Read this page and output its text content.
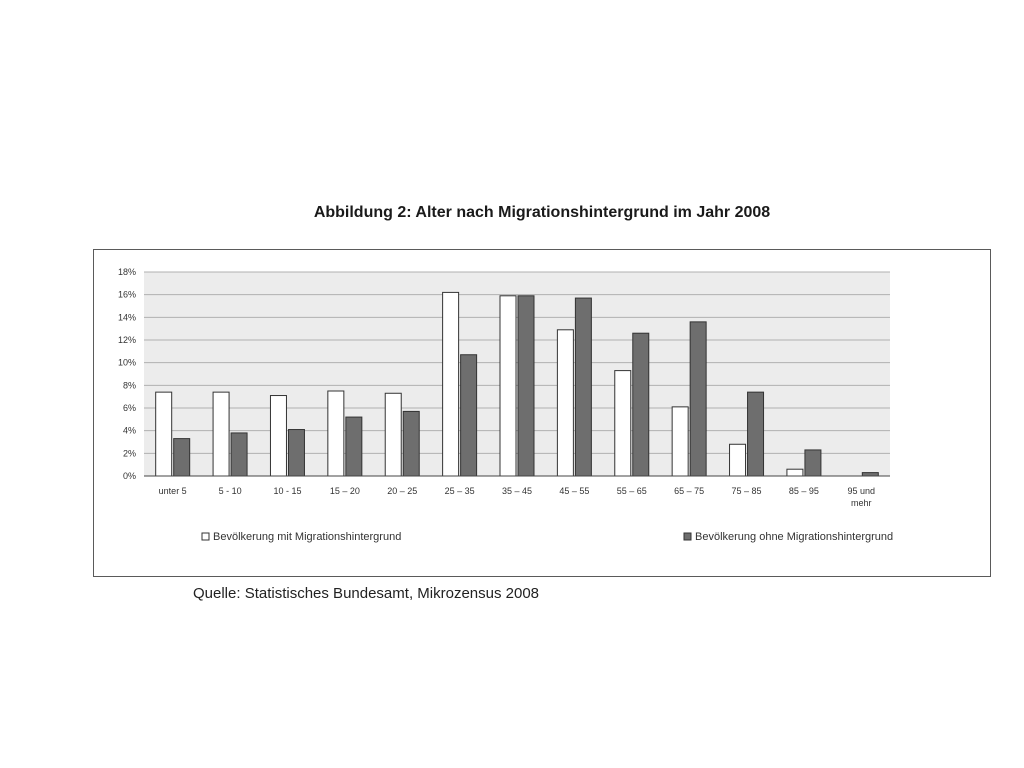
Abbildung 2: Alter nach Migrationshintergrund im Jahr 2008
0%
2%
4%
6%
8%
10%
12%
14%
16%
18%
unter 5	5 - 10	10 - 15	15 – 20	20 – 25	25 – 35	35 – 45	45 – 55	55 – 65	65 – 75	75 – 85	85 – 95	95 und mehr
Bevölkerung mit Migrationshintergrund	Bevölkerung ohne Migrationshintergrund
Quelle: Statistisches Bundesamt, Mikrozensus 2008
